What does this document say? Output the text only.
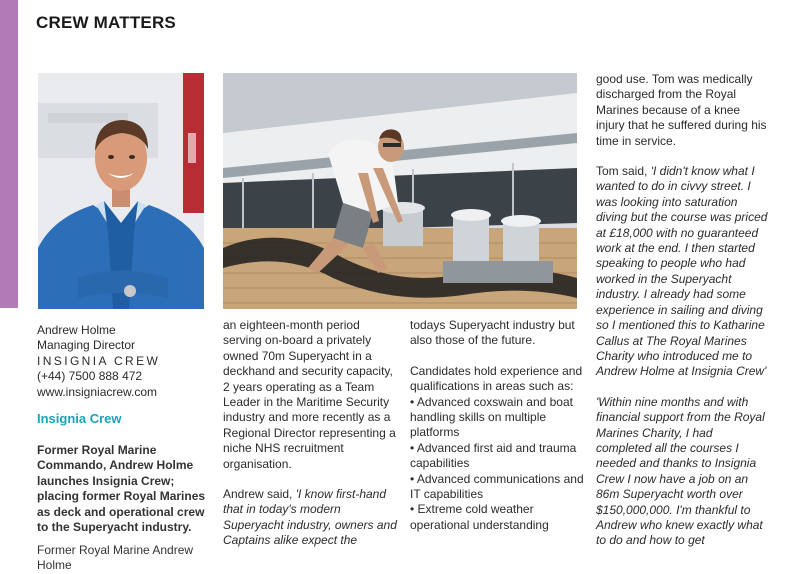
CREW MATTERS
Andrew Holme
Managing Director
INSIGNIA CREW
(+44) 7500 888 472
www.insigniacrew.com
Insignia Crew
Former Royal Marine Commando, Andrew Holme launches Insignia Crew; placing former Royal Marines as deck and operational crew to the Superyacht industry.
Former Royal Marine Andrew Holme

an eighteen-month period serving on-board a privately owned 70m Superyacht in a deckhand and security capacity, 2 years operating as a Team Leader in the Maritime Security industry and more recently as a Regional Director representing a niche NHS recruitment organisation.

Andrew said, 'I know first-hand that in today's modern Superyacht industry, owners and Captains alike expect the

todays Superyacht industry but also those of the future.

Candidates hold experience and qualifications in areas such as:

• Advanced coxswain and boat handling skills on multiple platforms
• Advanced first aid and trauma capabilities
• Advanced communications and IT capabilities
• Extreme cold weather operational understanding

good use. Tom was medically discharged from the Royal Marines because of a knee injury that he suffered during his time in service.

Tom said, 'I didn't know what I wanted to do in civvy street. I was looking into saturation diving but the course was priced at £18,000 with no guaranteed work at the end. I then started speaking to people who had worked in the Superyacht industry. I already had some experience in sailing and diving so I mentioned this to Katharine Callus at The Royal Marines Charity who introduced me to Andrew Holme at Insignia Crew'

'Within nine months and with financial support from the Royal Marines Charity, I had completed all the courses I needed and thanks to Insignia Crew I now have a job on an 86m Superyacht worth over $150,000,000. I'm thankful to Andrew who knew exactly what to do and how to get
